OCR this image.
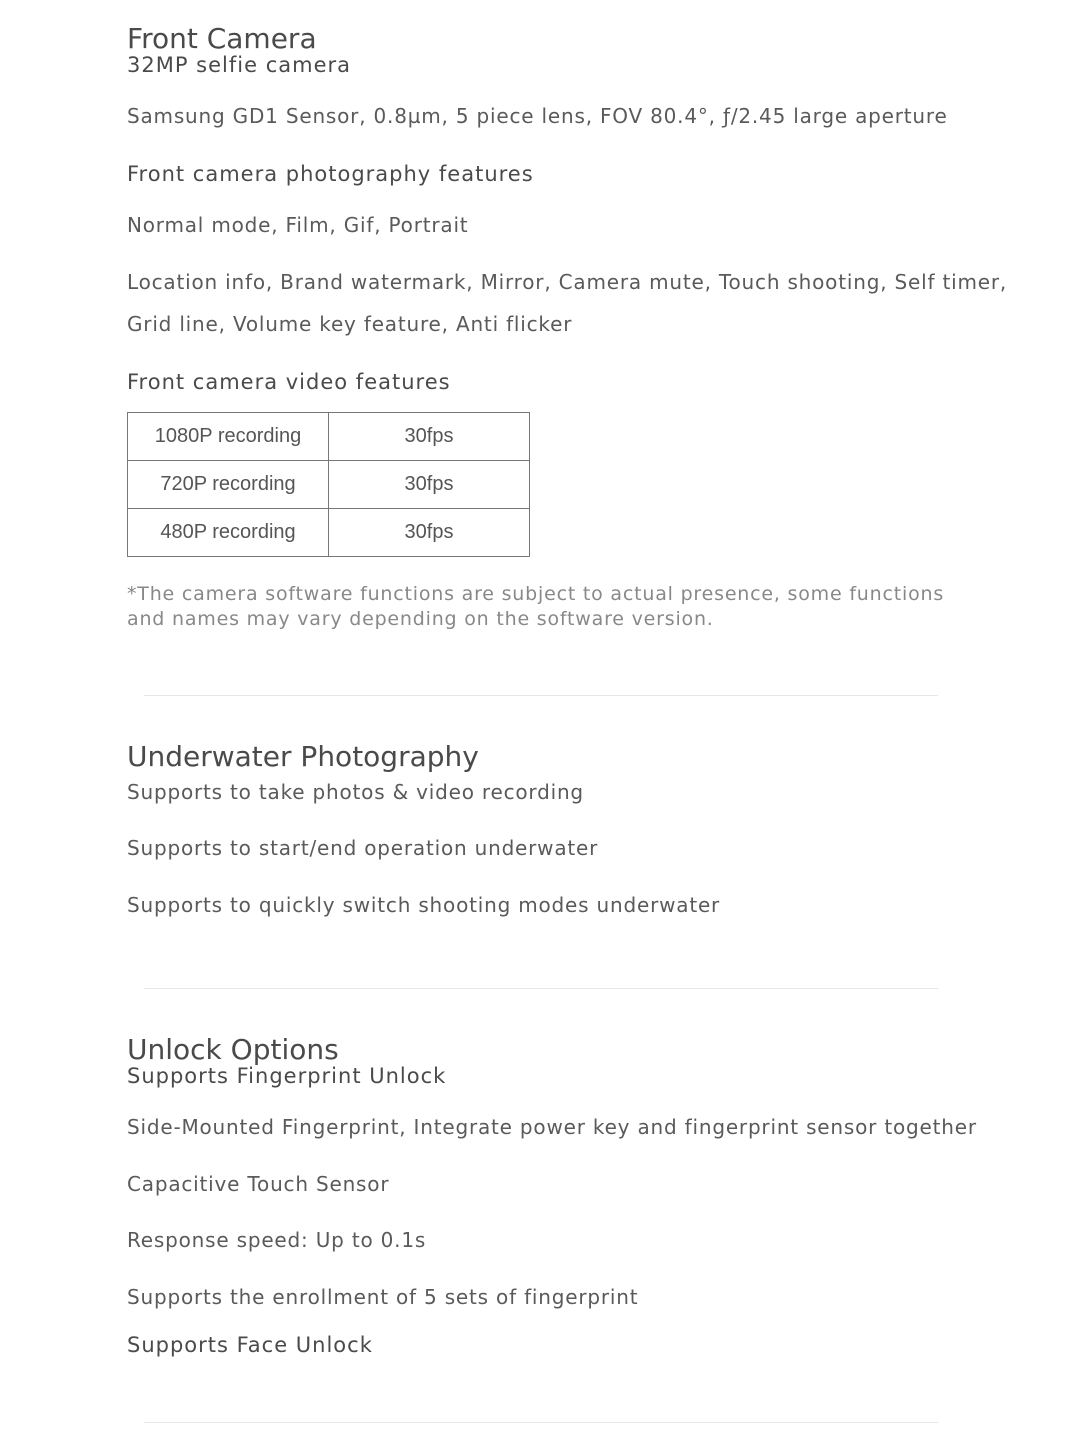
Front Camera

32MP selfie camera

Samsung GD1 Sensor, 0.8µm, 5 piece lens, FOV 80.4°, ƒ/2.45 large aperture

Front camera photography features

Normal mode, Film, Gif, Portrait

Location info, Brand watermark, Mirror, Camera mute, Touch shooting, Self timer,

Grid line, Volume key feature, Anti flicker

Front camera video features

1080P recording	30fps
720P recording	30fps
480P recording	30fps

*The camera software functions are subject to actual presence, some functions

and names may vary depending on the software version.

Underwater Photography

Supports to take photos & video recording

Supports to start/end operation underwater

Supports to quickly switch shooting modes underwater

Unlock Options

Supports Fingerprint Unlock

Side-Mounted Fingerprint, Integrate power key and fingerprint sensor together

Capacitive Touch Sensor

Response speed: Up to 0.1s

Supports the enrollment of 5 sets of fingerprint

Supports Face Unlock
